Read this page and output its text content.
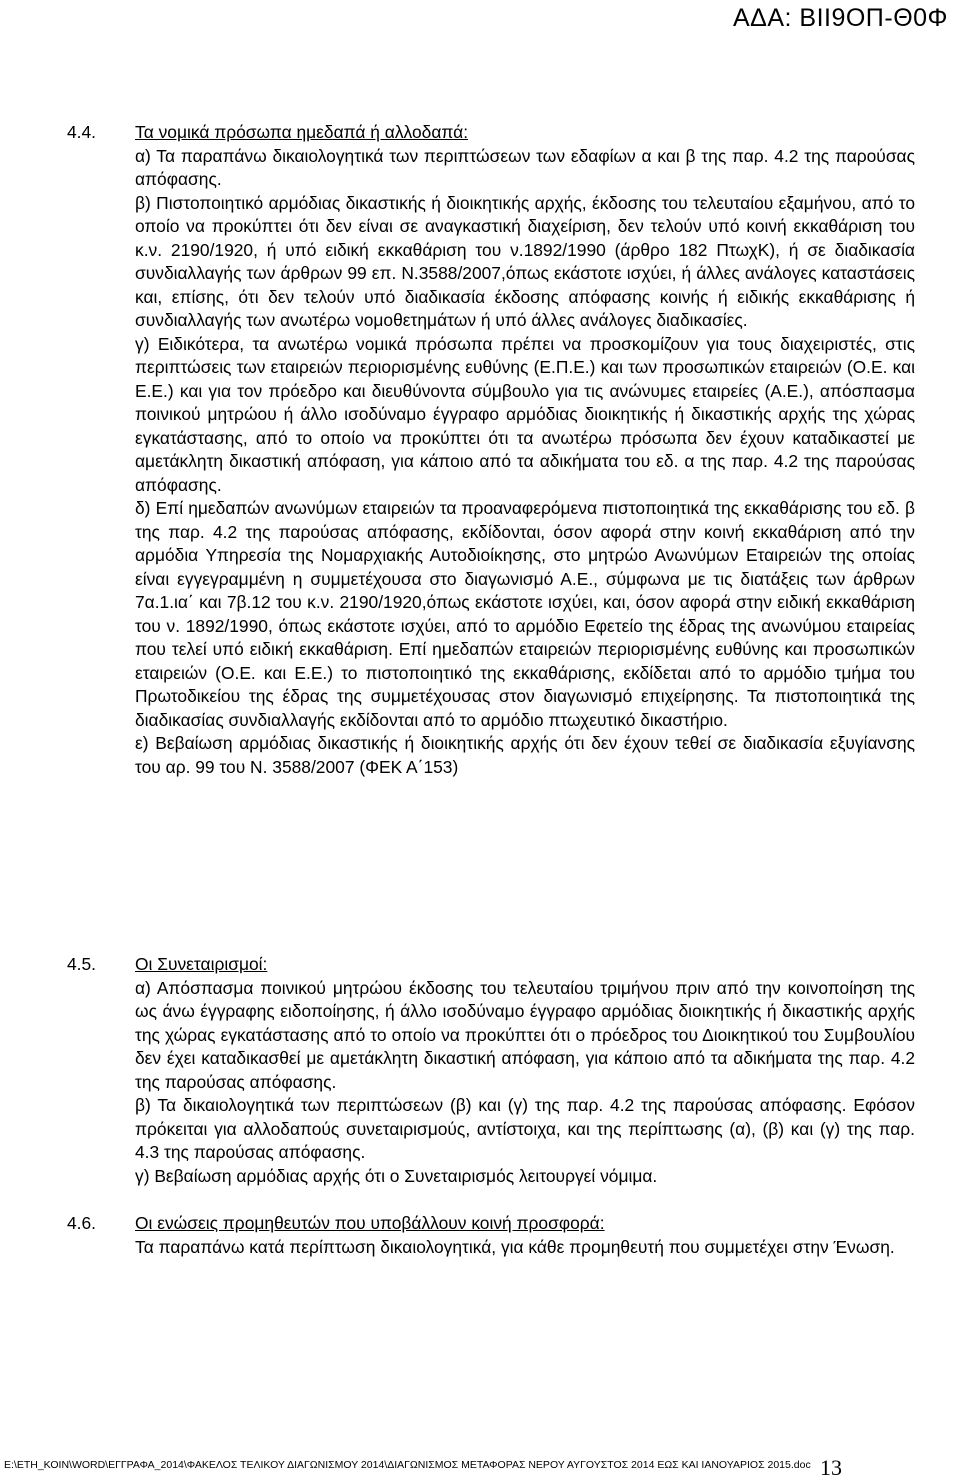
ΑΔΑ: ΒΙΙ9ΟΠ-Θ0Φ
4.4. Τα νομικά πρόσωπα ημεδαπά ή αλλοδαπά:

α) Τα παραπάνω δικαιολογητικά των περιπτώσεων των εδαφίων α και β της παρ. 4.2 της παρούσας απόφασης.

β) Πιστοποιητικό αρμόδιας δικαστικής ή διοικητικής αρχής, έκδοσης του τελευταίου εξαμήνου, από το οποίο να προκύπτει ότι δεν είναι σε αναγκαστική διαχείριση, δεν τελούν υπό κοινή εκκαθάριση του κ.ν. 2190/1920, ή υπό ειδική εκκαθάριση του ν.1892/1990 (άρθρο 182 ΠτωχΚ), ή σε διαδικασία συνδιαλλαγής των άρθρων 99 επ. Ν.3588/2007,όπως εκάστοτε ισχύει, ή άλλες ανάλογες καταστάσεις και, επίσης, ότι δεν τελούν υπό διαδικασία έκδοσης απόφασης κοινής ή ειδικής εκκαθάρισης ή συνδιαλλαγής των ανωτέρω νομοθετημάτων ή υπό άλλες ανάλογες διαδικασίες.

γ) Ειδικότερα, τα ανωτέρω νομικά πρόσωπα πρέπει να προσκομίζουν για τους διαχειριστές, στις περιπτώσεις των εταιρειών περιορισμένης ευθύνης (Ε.Π.Ε.) και των προσωπικών εταιρειών (Ο.Ε. και Ε.Ε.) και για τον πρόεδρο και διευθύνοντα σύμβουλο για τις ανώνυμες εταιρείες (Α.Ε.), απόσπασμα ποινικού μητρώου ή άλλο ισοδύναμο έγγραφο αρμόδιας διοικητικής ή δικαστικής αρχής της χώρας εγκατάστασης, από το οποίο να προκύπτει ότι τα ανωτέρω πρόσωπα δεν έχουν καταδικαστεί με αμετάκλητη δικαστική απόφαση, για κάποιο από τα αδικήματα του εδ. α της παρ. 4.2 της παρούσας απόφασης.

δ) Επί ημεδαπών ανωνύμων εταιρειών τα προαναφερόμενα πιστοποιητικά της εκκαθάρισης του εδ. β της παρ. 4.2 της παρούσας απόφασης, εκδίδονται, όσον αφορά στην κοινή εκκαθάριση από την αρμόδια Υπηρεσία της Νομαρχιακής Αυτοδιοίκησης, στο μητρώο Ανωνύμων Εταιρειών της οποίας είναι εγγεγραμμένη η συμμετέχουσα στο διαγωνισμό Α.Ε., σύμφωνα με τις διατάξεις των άρθρων 7α.1.ια΄ και 7β.12 του κ.ν. 2190/1920,όπως εκάστοτε ισχύει, και, όσον αφορά στην ειδική εκκαθάριση του ν. 1892/1990, όπως εκάστοτε ισχύει, από το αρμόδιο Εφετείο της έδρας της ανωνύμου εταιρείας που τελεί υπό ειδική εκκαθάριση. Επί ημεδαπών εταιρειών περιορισμένης ευθύνης και προσωπικών εταιρειών (Ο.Ε. και Ε.Ε.) το πιστοποιητικό της εκκαθάρισης, εκδίδεται από το αρμόδιο τμήμα του Πρωτοδικείου της έδρας της συμμετέχουσας στον διαγωνισμό επιχείρησης. Τα πιστοποιητικά της διαδικασίας συνδιαλλαγής εκδίδονται από το αρμόδιο πτωχευτικό δικαστήριο.

ε) Βεβαίωση αρμόδιας δικαστικής ή διοικητικής αρχής ότι δεν έχουν τεθεί σε διαδικασία εξυγίανσης του αρ. 99 του Ν. 3588/2007 (ΦΕΚ Α΄153)

4.5. Οι Συνεταιρισμοί:

α) Απόσπασμα ποινικού μητρώου έκδοσης του τελευταίου τριμήνου πριν από την κοινοποίηση της ως άνω έγγραφης ειδοποίησης, ή άλλο ισοδύναμο έγγραφο αρμόδιας διοικητικής ή δικαστικής αρχής της χώρας εγκατάστασης από το οποίο να προκύπτει ότι ο πρόεδρος του Διοικητικού του Συμβουλίου δεν έχει καταδικασθεί με αμετάκλητη δικαστική απόφαση, για κάποιο από τα αδικήματα της παρ. 4.2 της παρούσας απόφασης.

β) Τα δικαιολογητικά των περιπτώσεων (β) και (γ) της παρ. 4.2 της παρούσας απόφασης. Εφόσον πρόκειται για αλλοδαπούς συνεταιρισμούς, αντίστοιχα, και της περίπτωσης (α), (β) και (γ) της παρ. 4.3 της παρούσας απόφασης.

γ) Βεβαίωση αρμόδιας αρχής ότι ο Συνεταιρισμός λειτουργεί νόμιμα.

4.6. Οι ενώσεις προμηθευτών που υποβάλλουν κοινή προσφορά:

Τα παραπάνω κατά περίπτωση δικαιολογητικά, για κάθε προμηθευτή που συμμετέχει στην Ένωση.

E:\ΕΤΗ_ΚΟΙΝ\WORD\ΕΓΓΡΑΦΑ_2014\ΦΑΚΕΛΟΣ ΤΕΛΙΚΟΥ ΔΙΑΓΩΝΙΣΜΟΥ 2014\ΔΙΑΓΩΝΙΣΜΟΣ ΜΕΤΑΦΟΡΑΣ ΝΕΡΟΥ ΑΥΓΟΥΣΤΟΣ 2014 ΕΩΣ ΚΑΙ ΙΑΝΟΥΑΡΙΟΣ 2015.doc 13
